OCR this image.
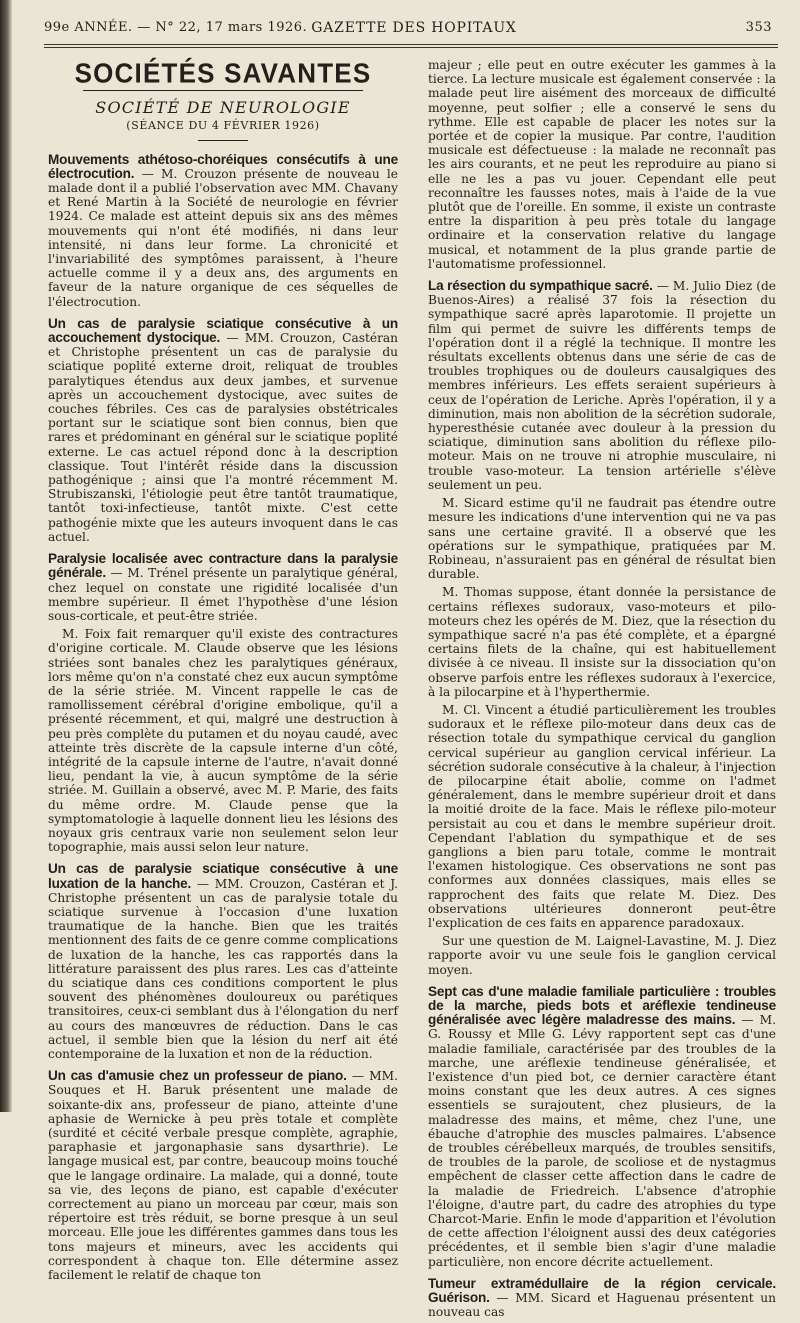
99e ANNÉE. — N° 22, 17 mars 1926. GAZETTE DES HOPITAUX	353
SOCIÉTÉS SAVANTES
SOCIÉTÉ DE NEUROLOGIE
(SÉANCE DU 4 FÉVRIER 1926)

Mouvements athétoso-choréiques consécutifs à une électrocution. — M. Crouzon présente de nouveau le malade dont il a publié l'observation avec MM. Chavany et René Martin à la Société de neurologie en février 1924. Ce malade est atteint depuis six ans des mêmes mouvements qui n'ont été modifiés, ni dans leur intensité, ni dans leur forme. La chronicité et l'invariabilité des symptômes paraissent, à l'heure actuelle comme il y a deux ans, des arguments en faveur de la nature organique de ces séquelles de l'électrocution.

Un cas de paralysie sciatique consécutive à un accouchement dystocique. — MM. Crouzon, Castéran et Christophe présentent un cas de paralysie du sciatique poplité externe droit, reliquat de troubles paralytiques étendus aux deux jambes, et survenue après un accouchement dystocique, avec suites de couches fébriles. Ces cas de paralysies obstétricales portant sur le sciatique sont bien connus, bien que rares et prédominant en général sur le sciatique poplité externe. Le cas actuel répond donc à la description classique. Tout l'intérêt réside dans la discussion pathogénique ; ainsi que l'a montré récemment M. Strubiszanski, l'étiologie peut être tantôt traumatique, tantôt toxi-infectieuse, tantôt mixte. C'est cette pathogénie mixte que les auteurs invoquent dans le cas actuel.

Paralysie localisée avec contracture dans la paralysie générale. — M. Trénel présente un paralytique général, chez lequel on constate une rigidité localisée d'un membre supérieur. Il émet l'hypothèse d'une lésion sous-corticale, et peut-être striée.

M. Foix fait remarquer qu'il existe des contractures d'origine corticale. M. Claude observe que les lésions striées sont banales chez les paralytiques généraux, lors même qu'on n'a constaté chez eux aucun symptôme de la série striée. M. Vincent rappelle le cas de ramollissement cérébral d'origine embolique, qu'il a présenté récemment, et qui, malgré une destruction à peu près complète du putamen et du noyau caudé, avec atteinte très discrète de la capsule interne d'un côté, intégrité de la capsule interne de l'autre, n'avait donné lieu, pendant la vie, à aucun symptôme de la série striée. M. Guillain a observé, avec M. P. Marie, des faits du même ordre. M. Claude pense que la symptomatologie à laquelle donnent lieu les lésions des noyaux gris centraux varie non seulement selon leur topographie, mais aussi selon leur nature.

Un cas de paralysie sciatique consécutive à une luxation de la hanche. — MM. Crouzon, Castéran et J. Christophe présentent un cas de paralysie totale du sciatique survenue à l'occasion d'une luxation traumatique de la hanche. Bien que les traités mentionnent des faits de ce genre comme complications de luxation de la hanche, les cas rapportés dans la littérature paraissent des plus rares. Les cas d'atteinte du sciatique dans ces conditions comportent le plus souvent des phénomènes douloureux ou parétiques transitoires, ceux-ci semblant dus à l'élongation du nerf au cours des manœuvres de réduction. Dans le cas actuel, il semble bien que la lésion du nerf ait été contemporaine de la luxation et non de la réduction.

Un cas d'amusie chez un professeur de piano. — MM. Souques et H. Baruk présentent une malade de soixante-dix ans, professeur de piano, atteinte d'une aphasie de Wernicke à peu près totale et complète (surdité et cécité verbale presque complète, agraphie, paraphasie et jargonaphasie sans dysarthrie). Le langage musical est, par contre, beaucoup moins touché que le langage ordinaire. La malade, qui a donné, toute sa vie, des leçons de piano, est capable d'exécuter correctement au piano un morceau par cœur, mais son répertoire est très réduit, se borne presque à un seul morceau. Elle joue les différentes gammes dans tous les tons majeurs et mineurs, avec les accidents qui correspondent à chaque ton. Elle détermine assez facilement le relatif de chaque ton

majeur ; elle peut en outre exécuter les gammes à la tierce. La lecture musicale est également conservée : la malade peut lire aisément des morceaux de difficulté moyenne, peut solfier ; elle a conservé le sens du rythme. Elle est capable de placer les notes sur la portée et de copier la musique. Par contre, l'audition musicale est défectueuse : la malade ne reconnaît pas les airs courants, et ne peut les reproduire au piano si elle ne les a pas vu jouer. Cependant elle peut reconnaître les fausses notes, mais à l'aide de la vue plutôt que de l'oreille. En somme, il existe un contraste entre la disparition à peu près totale du langage ordinaire et la conservation relative du langage musical, et notamment de la plus grande partie de l'automatisme professionnel.

La résection du sympathique sacré. — M. Julio Diez (de Buenos-Aires) a réalisé 37 fois la résection du sympathique sacré après laparotomie. Il projette un film qui permet de suivre les différents temps de l'opération dont il a réglé la technique. Il montre les résultats excellents obtenus dans une série de cas de troubles trophiques ou de douleurs causalgiques des membres inférieurs. Les effets seraient supérieurs à ceux de l'opération de Leriche. Après l'opération, il y a diminution, mais non abolition de la sécrétion sudorale, hyperesthésie cutanée avec douleur à la pression du sciatique, diminution sans abolition du réflexe pilo-moteur. Mais on ne trouve ni atrophie musculaire, ni trouble vaso-moteur. La tension artérielle s'élève seulement un peu.

M. Sicard estime qu'il ne faudrait pas étendre outre mesure les indications d'une intervention qui ne va pas sans une certaine gravité. Il a observé que les opérations sur le sympathique, pratiquées par M. Robineau, n'assuraient pas en général de résultat bien durable.

M. Thomas suppose, étant donnée la persistance de certains réflexes sudoraux, vaso-moteurs et pilo-moteurs chez les opérés de M. Diez, que la résection du sympathique sacré n'a pas été complète, et a épargné certains filets de la chaîne, qui est habituellement divisée à ce niveau. Il insiste sur la dissociation qu'on observe parfois entre les réflexes sudoraux à l'exercice, à la pilocarpine et à l'hyperthermie.

M. Cl. Vincent a étudié particulièrement les troubles sudoraux et le réflexe pilo-moteur dans deux cas de résection totale du sympathique cervical du ganglion cervical supérieur au ganglion cervical inférieur. La sécrétion sudorale consécutive à la chaleur, à l'injection de pilocarpine était abolie, comme on l'admet généralement, dans le membre supérieur droit et dans la moitié droite de la face. Mais le réflexe pilo-moteur persistait au cou et dans le membre supérieur droit. Cependant l'ablation du sympathique et de ses ganglions a bien paru totale, comme le montrait l'examen histologique. Ces observations ne sont pas conformes aux données classiques, mais elles se rapprochent des faits que relate M. Diez. Des observations ultérieures donneront peut-être l'explication de ces faits en apparence paradoxaux.

Sur une question de M. Laignel-Lavastine, M. J. Diez rapporte avoir vu une seule fois le ganglion cervical moyen.

Sept cas d'une maladie familiale particulière : troubles de la marche, pieds bots et aréflexie tendineuse généralisée avec légère maladresse des mains. — M. G. Roussy et Mlle G. Lévy rapportent sept cas d'une maladie familiale, caractérisée par des troubles de la marche, une aréflexie tendineuse généralisée, et l'existence d'un pied bot, ce dernier caractère étant moins constant que les deux autres. A ces signes essentiels se surajoutent, chez plusieurs, de la maladresse des mains, et même, chez l'une, une ébauche d'atrophie des muscles palmaires. L'absence de troubles cérébelleux marqués, de troubles sensitifs, de troubles de la parole, de scoliose et de nystagmus empêchent de classer cette affection dans le cadre de la maladie de Friedreich. L'absence d'atrophie l'éloigne, d'autre part, du cadre des atrophies du type Charcot-Marie. Enfin le mode d'apparition et l'évolution de cette affection l'éloignent aussi des deux catégories précédentes, et il semble bien s'agir d'une maladie particulière, non encore décrite actuellement.

Tumeur extramédullaire de la région cervicale. Guérison. — MM. Sicard et Haguenau présentent un nouveau cas
